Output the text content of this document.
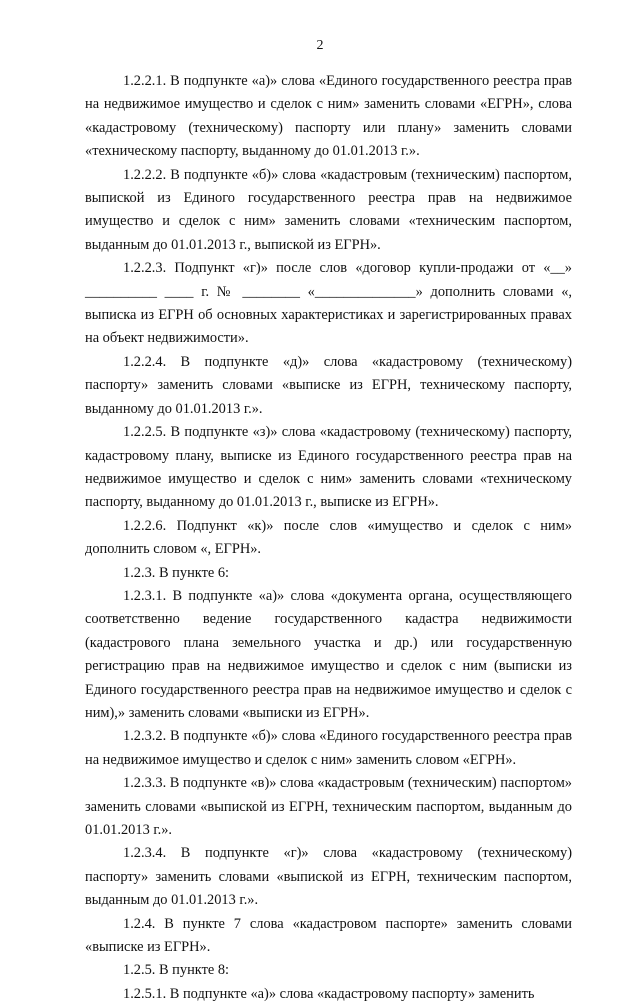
2

1.2.2.1. В подпункте «а)» слова «Единого государственного реестра прав на недвижимое имущество и сделок с ним» заменить словами «ЕГРН», слова «кадастровому (техническому) паспорту или плану» заменить словами «техническому паспорту, выданному до 01.01.2013 г.».

1.2.2.2. В подпункте «б)» слова «кадастровым (техническим) паспортом, выпиской из Единого государственного реестра прав на недвижимое имущество и сделок с ним» заменить словами «техническим паспортом, выданным до 01.01.2013 г., выпиской из ЕГРН».

1.2.2.3. Подпункт «г)» после слов «договор купли-продажи от «__» __________ ____ г. № ________ «______________» дополнить словами «, выписка из ЕГРН об основных характеристиках и зарегистрированных правах на объект недвижимости».

1.2.2.4. В подпункте «д)» слова «кадастровому (техническому) паспорту» заменить словами «выписке из ЕГРН, техническому паспорту, выданному до 01.01.2013 г.».

1.2.2.5. В подпункте «з)» слова «кадастровому (техническому) паспорту, кадастровому плану, выписке из Единого государственного реестра прав на недвижимое имущество и сделок с ним» заменить словами «техническому паспорту, выданному до 01.01.2013 г., выписке из ЕГРН».

1.2.2.6. Подпункт «к)» после слов «имущество и сделок с ним» дополнить словом «, ЕГРН».

1.2.3. В пункте 6:

1.2.3.1. В подпункте «а)» слова «документа органа, осуществляющего соответственно ведение государственного кадастра недвижимости (кадастрового плана земельного участка и др.) или государственную регистрацию прав на недвижимое имущество и сделок с ним (выписки из Единого государственного реестра прав на недвижимое имущество и сделок с ним),» заменить словами «выписки из ЕГРН».

1.2.3.2. В подпункте «б)» слова «Единого государственного реестра прав на недвижимое имущество и сделок с ним» заменить словом «ЕГРН».

1.2.3.3. В подпункте «в)» слова «кадастровым (техническим) паспортом» заменить словами «выпиской из ЕГРН, техническим паспортом, выданным до 01.01.2013 г.».

1.2.3.4. В подпункте «г)» слова «кадастровому (техническому) паспорту» заменить словами «выпиской из ЕГРН, техническим паспортом, выданным до 01.01.2013 г.».

1.2.4. В пункте 7 слова «кадастровом паспорте» заменить словами «выписке из ЕГРН».

1.2.5. В пункте 8:

1.2.5.1. В подпункте «а)» слова «кадастровому паспорту» заменить
